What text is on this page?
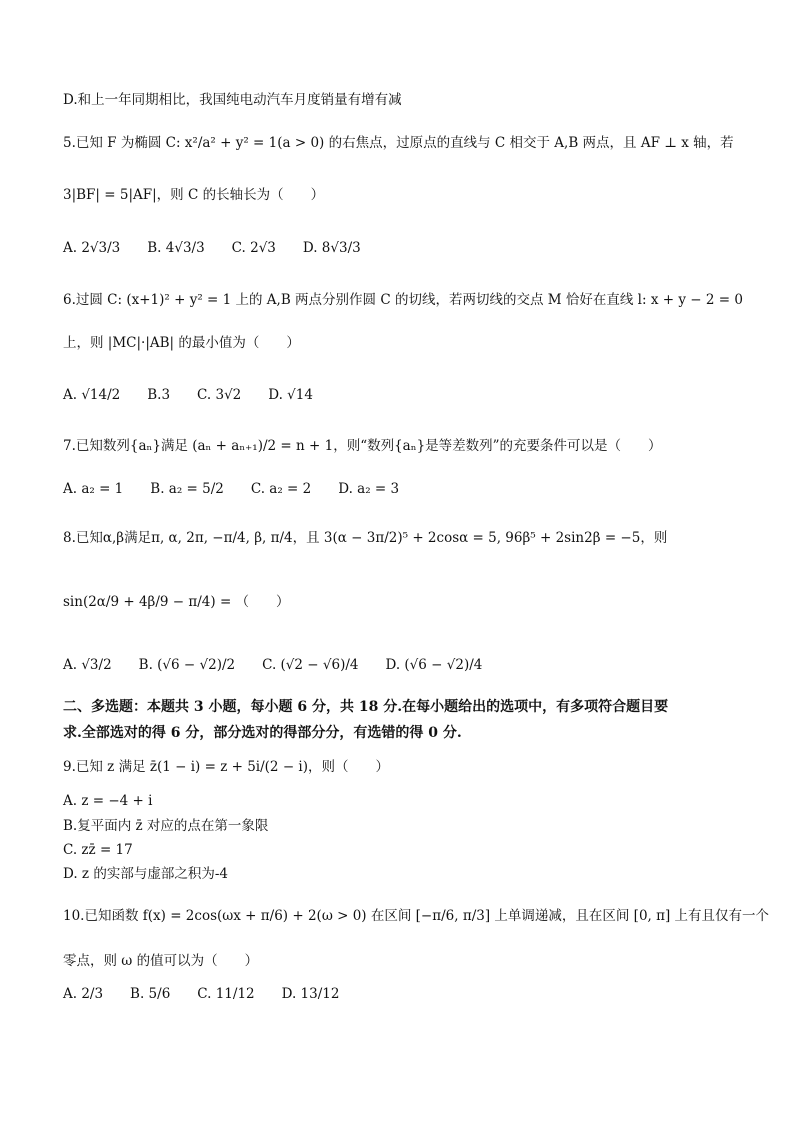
D.和上一年同期相比，我国纯电动汽车月度销量有增有减
5.已知 F 为椭圆 C: x²/a² + y² = 1(a > 0) 的右焦点，过原点的直线与 C 相交于 A,B 两点，且 AF ⊥ x 轴，若
3|BF| = 5|AF|，则 C 的长轴长为（　　）
A. 2√3/3　　B. 4√3/3　　C. 2√3　　D. 8√3/3
6.过圆 C: (x+1)² + y² = 1 上的 A,B 两点分别作圆 C 的切线，若两切线的交点 M 恰好在直线 l: x + y − 2 = 0
上，则 |MC|·|AB| 的最小值为（　　）
A. √14/2　　B.3　　C. 3√2　　D. √14
7.已知数列{aₙ}满足 (aₙ + aₙ₊₁)/2 = n + 1，则“数列{aₙ}是等差数列”的充要条件可以是（　　）
A. a₂ = 1　　B. a₂ = 5/2　　C. a₂ = 2　　D. a₂ = 3
8.已知α,β满足π, α, 2π, −π/4, β, π/4，且 3(α − 3π/2)⁵ + 2cosα = 5, 96β⁵ + 2sin2β = −5，则
sin(2α/9 + 4β/9 − π/4) = （　　）
A. √3/2　　B. (√6 − √2)/2　　C. (√2 − √6)/4　　D. (√6 − √2)/4
二、多选题：本题共 3 小题，每小题 6 分，共 18 分.在每小题给出的选项中，有多项符合题目要
求.全部选对的得 6 分，部分选对的得部分分，有选错的得 0 分.
9.已知 z 满足 z̄(1 − i) = z + 5i/(2 − i)，则（　　）
A. z = −4 + i
B.复平面内 z̄ 对应的点在第一象限
C. zz̄ = 17
D. z 的实部与虚部之积为-4
10.已知函数 f(x) = 2cos(ωx + π/6) + 2(ω > 0) 在区间 [−π/6, π/3] 上单调递减，且在区间 [0, π] 上有且仅有一个
零点，则 ω 的值可以为（　　）
A. 2/3　　B. 5/6　　C. 11/12　　D. 13/12
